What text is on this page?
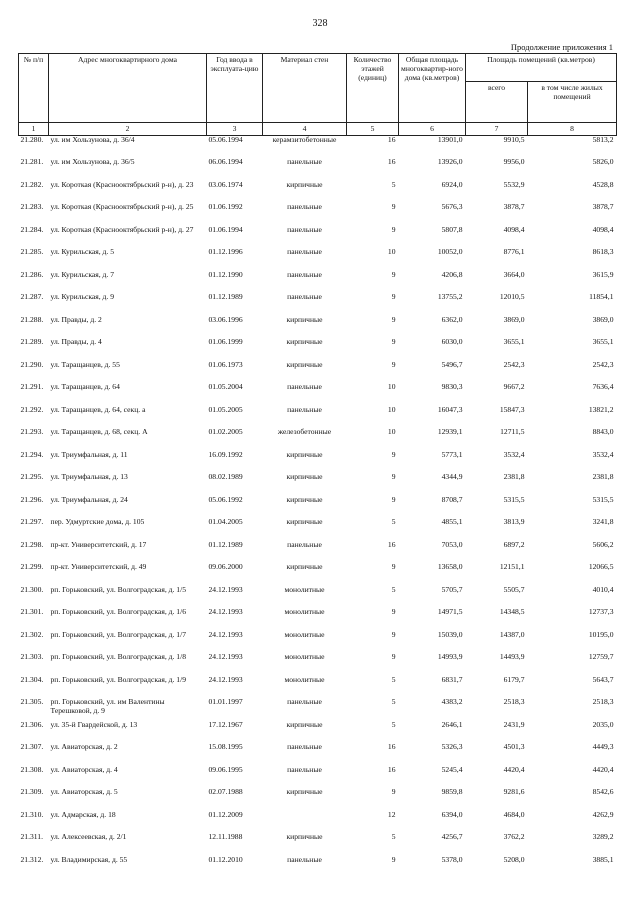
328
Продолжение приложения 1
№ п/п	Адрес многоквартирного дома	Год ввода в эксплуата-цию	Материал стен	Количество этажей (единиц)	Общая площадь многоквартир-ного дома (кв.метров)	Площадь помещений (кв.метров)	
						всего	в том числе жилых помещений
1	2	3	4	5	6	7	8
21.280.	ул. им Хользунова, д. 36/4	05.06.1994	керамзитобетонные	16	13901,0	9910,5	5813,2
21.281.	ул. им Хользунова, д. 36/5	06.06.1994	панельные	16	13926,0	9956,0	5826,0
21.282.	ул. Короткая (Краснооктябрьский р-н), д. 23	03.06.1974	кирпичные	5	6924,0	5532,9	4528,8
21.283.	ул. Короткая (Краснооктябрьский р-н), д. 25	01.06.1992	панельные	9	5676,3	3878,7	3878,7
21.284.	ул. Короткая (Краснооктябрьский р-н), д. 27	01.06.1994	панельные	9	5807,8	4098,4	4098,4
21.285.	ул. Курильская, д. 5	01.12.1996	панельные	10	10052,0	8776,1	8618,3
21.286.	ул. Курильская, д. 7	01.12.1990	панельные	9	4206,8	3664,0	3615,9
21.287.	ул. Курильская, д. 9	01.12.1989	панельные	9	13755,2	12010,5	11854,1
21.288.	ул. Правды, д. 2	03.06.1996	кирпичные	9	6362,0	3869,0	3869,0
21.289.	ул. Правды, д. 4	01.06.1999	кирпичные	9	6030,0	3655,1	3655,1
21.290.	ул. Таращанцев, д. 55	01.06.1973	кирпичные	9	5496,7	2542,3	2542,3
21.291.	ул. Таращанцев, д. 64	01.05.2004	панельные	10	9830,3	9667,2	7636,4
21.292.	ул. Таращанцев, д. 64, секц. а	01.05.2005	панельные	10	16047,3	15847,3	13821,2
21.293.	ул. Таращанцев, д. 68, секц. А	01.02.2005	железобетонные	10	12939,1	12711,5	8843,0
21.294.	ул. Триумфальная, д. 11	16.09.1992	кирпичные	9	5773,1	3532,4	3532,4
21.295.	ул. Триумфальная, д. 13	08.02.1989	кирпичные	9	4344,9	2381,8	2381,8
21.296.	ул. Триумфальная, д. 24	05.06.1992	кирпичные	9	8708,7	5315,5	5315,5
21.297.	пер. Удмуртские дома, д. 105	01.04.2005	кирпичные	5	4855,1	3813,9	3241,8
21.298.	пр-кт. Университетский, д. 17	01.12.1989	панельные	16	7053,0	6897,2	5606,2
21.299.	пр-кт. Университетский, д. 49	09.06.2000	кирпичные	9	13658,0	12151,1	12066,5
21.300.	рп. Горьковский, ул. Волгоградская, д. 1/5	24.12.1993	монолитные	5	5705,7	5505,7	4010,4
21.301.	рп. Горьковский, ул. Волгоградская, д. 1/6	24.12.1993	монолитные	9	14971,5	14348,5	12737,3
21.302.	рп. Горьковский, ул. Волгоградская, д. 1/7	24.12.1993	монолитные	9	15039,0	14387,0	10195,0
21.303.	рп. Горьковский, ул. Волгоградская, д. 1/8	24.12.1993	монолитные	9	14993,9	14493,9	12759,7
21.304.	рп. Горьковский, ул. Волгоградская, д. 1/9	24.12.1993	монолитные	5	6831,7	6179,7	5643,7
21.305.	рп. Горьковский, ул. им Валентины Терешковой, д. 9	01.01.1997	панельные	5	4383,2	2518,3	2518,3
21.306.	ул. 35-й Гвардейской, д. 13	17.12.1967	кирпичные	5	2646,1	2431,9	2035,0
21.307.	ул. Авиаторская, д. 2	15.08.1995	панельные	16	5326,3	4501,3	4449,3
21.308.	ул. Авиаторская, д. 4	09.06.1995	панельные	16	5245,4	4420,4	4420,4
21.309.	ул. Авиаторская, д. 5	02.07.1988	кирпичные	9	9859,8	9281,6	8542,6
21.310.	ул. Адмарская, д. 18	01.12.2009		12	6394,0	4684,0	4262,9
21.311.	ул. Алексеевская, д. 2/1	12.11.1988	кирпичные	5	4256,7	3762,2	3289,2
21.312.	ул. Владимирская, д. 55	01.12.2010	панельные	9	5378,0	5208,0	3885,1
